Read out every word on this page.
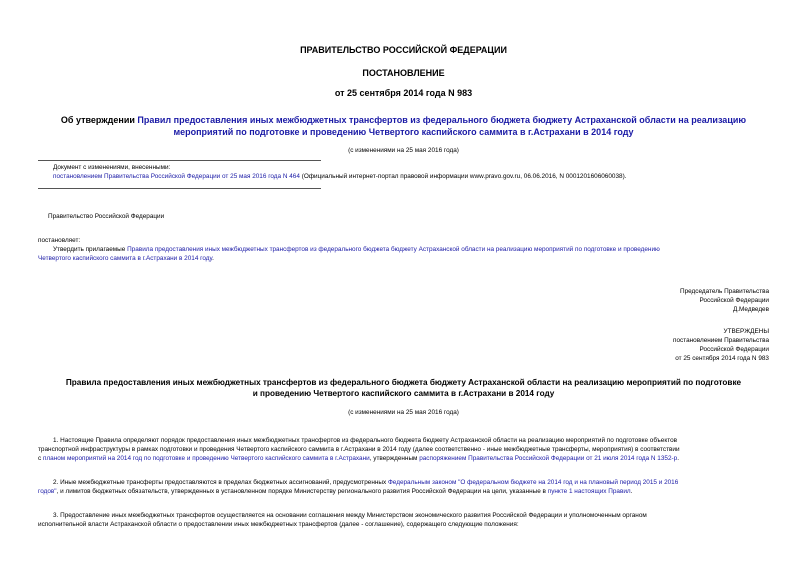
ПРАВИТЕЛЬСТВО РОССИЙСКОЙ ФЕДЕРАЦИИ
ПОСТАНОВЛЕНИЕ
от 25 сентября 2014 года N 983
Об утверждении Правил предоставления иных межбюджетных трансфертов из федерального бюджета бюджету Астраханской области на реализацию
мероприятий по подготовке и проведению Четвертого каспийского саммита в г.Астрахани в 2014 году
(с изменениями на 25 мая 2016 года)
Документ с изменениями, внесенными:
постановлением Правительства Российской Федерации от 25 мая 2016 года N 464 (Официальный интернет-портал правовой информации www.pravo.gov.ru, 06.06.2016, N 0001201606060038).
Правительство Российской Федерации
постановляет:
Утвердить прилагаемые Правила предоставления иных межбюджетных трансфертов из федерального бюджета бюджету Астраханской области на реализацию мероприятий по подготовке и проведению
Четвертого каспийского саммита в г.Астрахани в 2014 году.
Председатель Правительства
Российской Федерации
Д.Медведев
УТВЕРЖДЕНЫ
постановлением Правительства
Российской Федерации
от 25 сентября 2014 года N 983
Правила предоставления иных межбюджетных трансфертов из федерального бюджета бюджету Астраханской области на реализацию мероприятий по подготовке
и проведению Четвертого каспийского саммита в г.Астрахани в 2014 году
(с изменениями на 25 мая 2016 года)
1. Настоящие Правила определяют порядок предоставления иных межбюджетных трансфертов из федерального бюджета бюджету Астраханской области на реализацию мероприятий по подготовке объектов
транспортной инфраструктуры в рамках подготовки и проведения Четвертого каспийского саммита в г.Астрахани в 2014 году (далее соответственно - иные межбюджетные трансферты, мероприятия) в соответствии
с планом мероприятий на 2014 год по подготовке и проведению Четвертого каспийского саммита в г.Астрахани, утвержденным распоряжением Правительства Российской Федерации от 21 июля 2014 года N 1352-р.
2. Иные межбюджетные трансферты предоставляются в пределах бюджетных ассигнований, предусмотренных Федеральным законом "О федеральном бюджете на 2014 год и на плановый период 2015 и 2016
годов", и лимитов бюджетных обязательств, утвержденных в установленном порядке Министерству регионального развития Российской Федерации на цели, указанные в пункте 1 настоящих Правил.
3. Предоставление иных межбюджетных трансфертов осуществляется на основании соглашения между Министерством экономического развития Российской Федерации и уполномоченным органом
исполнительной власти Астраханской области о предоставлении иных межбюджетных трансфертов (далее - соглашение), содержащего следующие положения:
